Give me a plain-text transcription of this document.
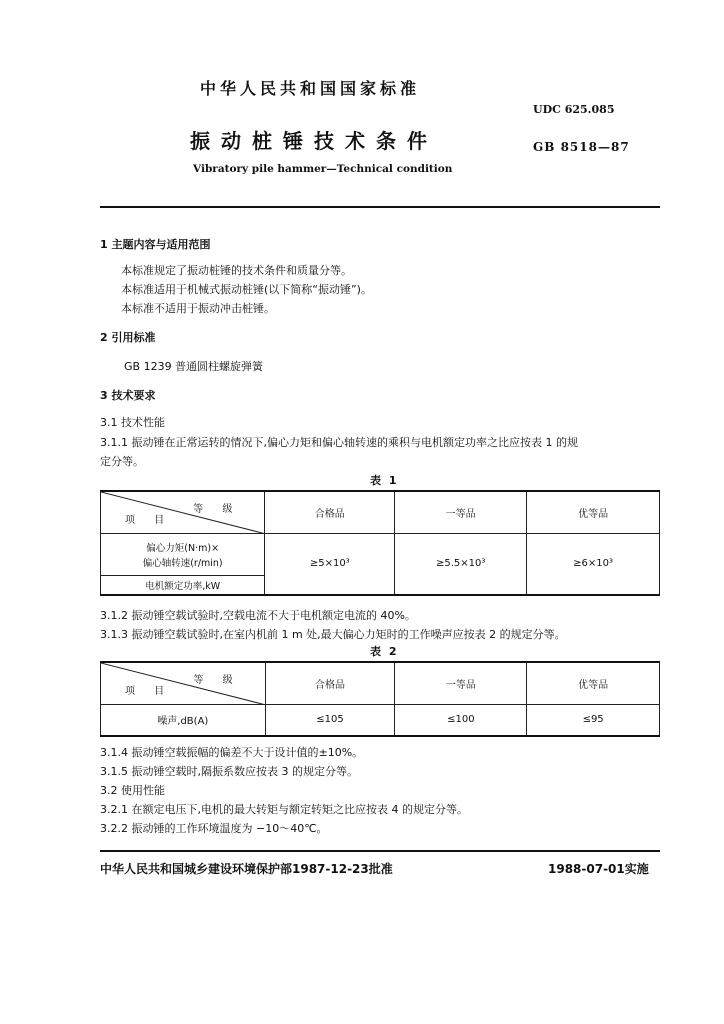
中华人民共和国国家标准
UDC 625.085
振动桩锤技术条件	GB 8518—87
Vibratory pile hammer—Technical condition
1 主题内容与适用范围
本标准规定了振动桩锤的技术条件和质量分等。
本标准适用于机械式振动桩锤(以下简称“振动锤”)。
本标准不适用于振动冲击桩锤。
2 引用标准
GB 1239 普通圆柱螺旋弹簧
3 技术要求
3.1 技术性能
3.1.1 振动锤在正常运转的情况下,偏心力矩和偏心轴转速的乘积与电机额定功率之比应按表 1 的规
定分等。
表 1
等 级
项 目	合格品	一等品	优等品

偏心力矩(N·m)×
偏心轴转速(r/min)	≥5×10³	≥5.5×10³	≥6×10³
电机额定功率,kW			
3.1.2 振动锤空载试验时,空载电流不大于电机额定电流的 40%。
3.1.3 振动锤空载试验时,在室内机前 1 m 处,最大偏心力矩时的工作噪声应按表 2 的规定分等。
表 2
等 级
项 目	合格品	一等品	优等品
噪声,dB(A)	≤105	≤100	≤95
3.1.4 振动锤空载振幅的偏差不大于设计值的±10%。
3.1.5 振动锤空载时,隔振系数应按表 3 的规定分等。
3.2 使用性能
3.2.1 在额定电压下,电机的最大转矩与额定转矩之比应按表 4 的规定分等。
3.2.2 振动锤的工作环境温度为 −10～40℃。
中华人民共和国城乡建设环境保护部1987-12-23批准	1988-07-01实施
